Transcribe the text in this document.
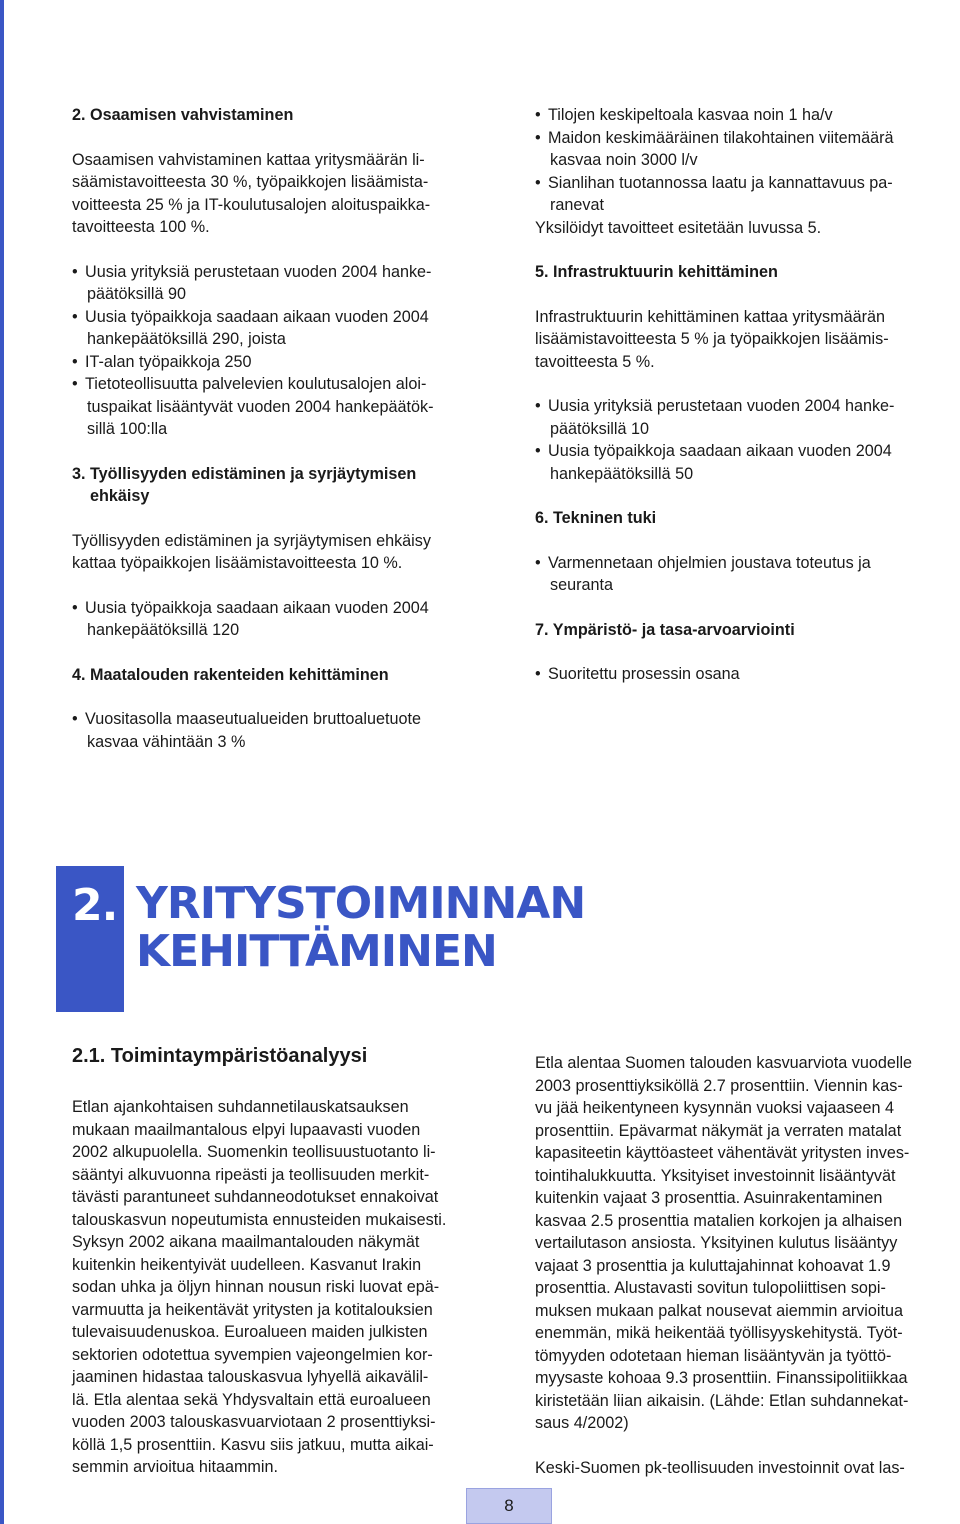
2. Osaamisen vahvistaminen
Osaamisen vahvistaminen kattaa yritysmäärän li-
säämistavoitteesta 30 %, työpaikkojen lisäämista-
voitteesta 25 % ja IT-koulutusalojen aloituspaikka-
tavoitteesta 100 %.
• Uusia yrityksiä perustetaan vuoden 2004 hanke-
päätöksillä 90
• Uusia työpaikkoja saadaan aikaan vuoden 2004
hankepäätöksillä 290, joista
• IT-alan työpaikkoja 250
• Tietoteollisuutta palvelevien koulutusalojen aloi-
tuspaikat lisääntyvät vuoden 2004 hankepäätök-
sillä 100:lla
3. Työllisyyden edistäminen ja syrjäytymisen
ehkäisy
Työllisyyden edistäminen ja syrjäytymisen ehkäisy
kattaa työpaikkojen lisäämistavoitteesta 10 %.
• Uusia työpaikkoja saadaan aikaan vuoden 2004
hankepäätöksillä 120
4. Maatalouden rakenteiden kehittäminen
• Vuositasolla maaseutualueiden bruttoaluetuote
kasvaa vähintään 3 %
• Tilojen keskipeltoala kasvaa noin 1 ha/v
• Maidon keskimääräinen tilakohtainen viitemäärä
kasvaa noin 3000 l/v
• Sianlihan tuotannossa laatu ja kannattavuus pa-
ranevat
Yksilöidyt tavoitteet esitetään luvussa 5.
5. Infrastruktuurin kehittäminen
Infrastruktuurin kehittäminen kattaa yritysmäärän
lisäämistavoitteesta 5 % ja työpaikkojen lisäämis-
tavoitteesta 5 %.
• Uusia yrityksiä perustetaan vuoden 2004 hanke-
päätöksillä 10
• Uusia työpaikkoja saadaan aikaan vuoden 2004
hankepäätöksillä 50
6. Tekninen tuki
• Varmennetaan ohjelmien joustava toteutus ja
seuranta
7. Ympäristö- ja tasa-arvoarviointi
• Suoritettu prosessin osana
2. YRITYSTOIMINNAN
KEHITTÄMINEN
2.1. Toimintaympäristöanalyysi
Etlan ajankohtaisen suhdannetilauskatsauksen
mukaan maailmantalous elpyi lupaavasti vuoden
2002 alkupuolella. Suomenkin teollisuustuotanto li-
sääntyi alkuvuonna ripeästi ja teollisuuden merkit-
tävästi parantuneet suhdanneodotukset ennakoivat
talouskasvun nopeutumista ennusteiden mukaisesti.
Syksyn 2002 aikana maailmantalouden näkymät
kuitenkin heikentyivät uudelleen. Kasvanut Irakin
sodan uhka ja öljyn hinnan nousun riski luovat epä-
varmuutta ja heikentävät yritysten ja kotitalouksien
tulevaisuudenuskoa. Euroalueen maiden julkisten
sektorien odotettua syvempien vajeongelmien kor-
jaaminen hidastaa talouskasvua lyhyellä aikavälil-
lä. Etla alentaa sekä Yhdysvaltain että euroalueen
vuoden 2003 talouskasvuarviotaan 2 prosenttiyksi-
köllä 1,5 prosenttiin. Kasvu siis jatkuu, mutta aikai-
semmin arvioitua hitaammin.
Etla alentaa Suomen talouden kasvuarviota vuodelle
2003 prosenttiyksiköllä 2.7 prosenttiin. Viennin kas-
vu jää heikentyneen kysynnän vuoksi vajaaseen 4
prosenttiin. Epävarmat näkymät ja verraten matalat
kapasiteetin käyttöasteet vähentävät yritysten inves-
tointihalukkuutta. Yksityiset investoinnit lisääntyvät
kuitenkin vajaat 3 prosenttia. Asuinrakentaminen
kasvaa 2.5 prosenttia matalien korkojen ja alhaisen
vertailutason ansiosta. Yksityinen kulutus lisääntyy
vajaat 3 prosenttia ja kuluttajahinnat kohoavat 1.9
prosenttia. Alustavasti sovitun tulopoliittisen sopi-
muksen mukaan palkat nousevat aiemmin arvioitua
enemmän, mikä heikentää työllisyyskehitystä. Työt-
tömyyden odotetaan hieman lisääntyvän ja työttö-
myysaste kohoaa 9.3 prosenttiin. Finanssipolitiikkaa
kiristetään liian aikaisin. (Lähde: Etlan suhdannekat-
saus 4/2002)
Keski-Suomen pk-teollisuuden investoinnit ovat las-
8
